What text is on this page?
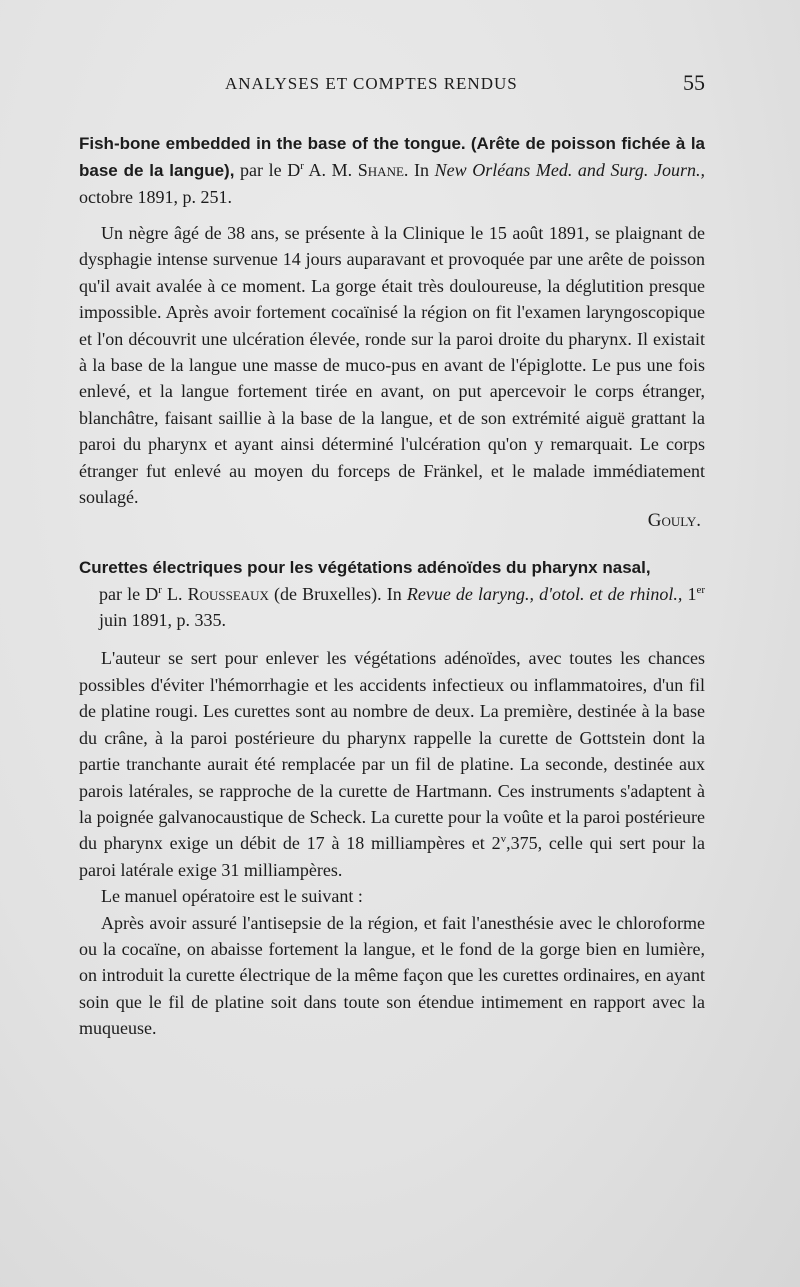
ANALYSES ET COMPTES RENDUS	55
Fish-bone embedded in the base of the tongue. (Arête de poisson fichée à la base de la langue), par le $D^r$ A. M. Shane. In New Orléans Med. and Surg. Journ., octobre 1891, p. 251.

Un nègre âgé de 38 ans, se présente à la Clinique le 15 août 1891, se plaignant de dysphagie intense survenue 14 jours auparavant et provoquée par une arête de poisson qu'il avait avalée à ce moment. La gorge était très douloureuse, la déglutition presque impossible. Après avoir fortement cocaïnisé la région on fit l'examen laryngoscopique et l'on découvrit une ulcération élevée, ronde sur la paroi droite du pharynx. Il existait à la base de la langue une masse de muco-pus en avant de l'épiglotte. Le pus une fois enlevé, et la langue fortement tirée en avant, on put apercevoir le corps étranger, blanchâtre, faisant saillie à la base de la langue, et de son extrémité aiguë grattant la paroi du pharynx et ayant ainsi déterminé l'ulcération qu'on y remarquait. Le corps étranger fut enlevé au moyen du forceps de Fränkel, et le malade immédiatement soulagé.

Gouly.
Curettes électriques pour les végétations adénoïdes du pharynx nasal,
par le $D^r$ L. Rousseaux (de Bruxelles). In Revue de laryng., d'otol. et de rhinol., 1er juin 1891, p. 335.

L'auteur se sert pour enlever les végétations adénoïdes, avec toutes les chances possibles d'éviter l'hémorrhagie et les accidents infectieux ou inflammatoires, d'un fil de platine rougi. Les curettes sont au nombre de deux. La première, destinée à la base du crâne, à la paroi postérieure du pharynx rappelle la curette de Gottstein dont la partie tranchante aurait été remplacée par un fil de platine. La seconde, destinée aux parois latérales, se rapproche de la curette de Hartmann. Ces instruments s'adaptent à la poignée galvanocaustique de Scheck. La curette pour la voûte et la paroi postérieure du pharynx exige un débit de 17 à 18 milliampères et 2$^v$,375, celle qui sert pour la paroi latérale exige 31 milliampères.

Le manuel opératoire est le suivant :

Après avoir assuré l'antisepsie de la région, et fait l'anesthésie avec le chloroforme ou la cocaïne, on abaisse fortement la langue, et le fond de la gorge bien en lumière, on introduit la curette électrique de la même façon que les curettes ordinaires, en ayant soin que le fil de platine soit dans toute son étendue intimement en rapport avec la muqueuse.
